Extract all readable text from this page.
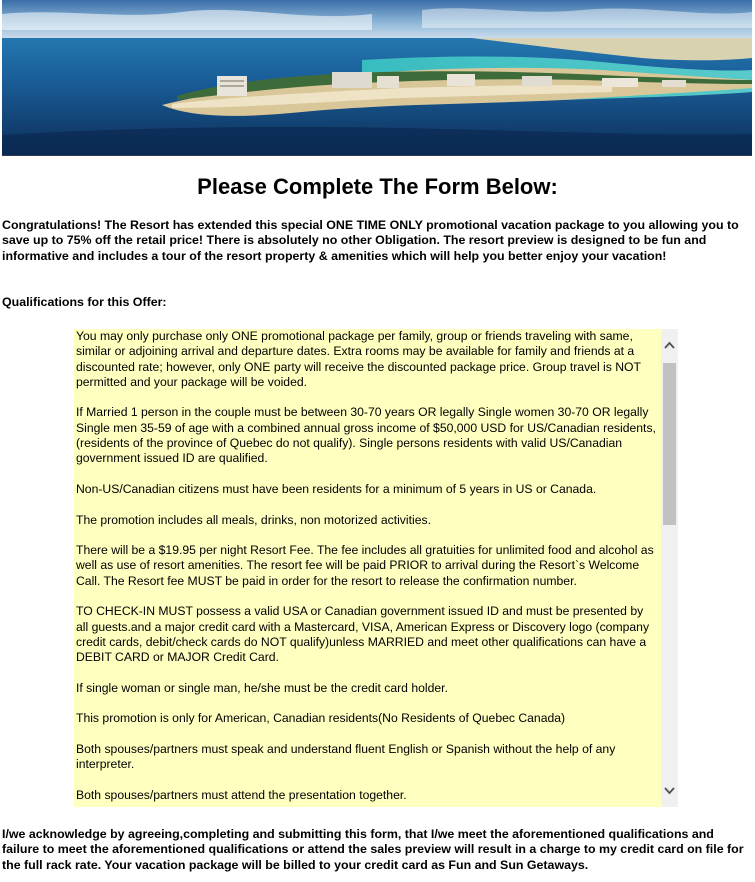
Please Complete The Form Below:

Congratulations! The Resort has extended this special ONE TIME ONLY promotional vacation package to you allowing you to save up to 75% off the retail price! There is absolutely no other Obligation. The resort preview is designed to be fun and informative and includes a tour of the resort property & amenities which will help you better enjoy your vacation!

Qualifications for this Offer:

You may only purchase only ONE promotional package per family, group or friends traveling with same, similar or adjoining arrival and departure dates. Extra rooms may be available for family and friends at a discounted rate; however, only ONE party will receive the discounted package price. Group travel is NOT permitted and your package will be voided.

If Married 1 person in the couple must be between 30-70 years OR legally Single women 30-70 OR legally Single men 35-59 of age with a combined annual gross income of $50,000 USD for US/Canadian residents, (residents of the province of Quebec do not qualify). Single persons residents with valid US/Canadian government issued ID are qualified.

Non-US/Canadian citizens must have been residents for a minimum of 5 years in US or Canada.

The promotion includes all meals, drinks, non motorized activities.

There will be a $19.95 per night Resort Fee. The fee includes all gratuities for unlimited food and alcohol as well as use of resort amenities. The resort fee will be paid PRIOR to arrival during the Resort`s Welcome Call. The Resort fee MUST be paid in order for the resort to release the confirmation number.

TO CHECK-IN MUST possess a valid USA or Canadian government issued ID and must be presented by all guests.and a major credit card with a Mastercard, VISA, American Express or Discovery logo (company credit cards, debit/check cards do NOT qualify)unless MARRIED and meet other qualifications can have a DEBIT CARD or MAJOR Credit Card.

If single woman or single man, he/she must be the credit card holder.

This promotion is only for American, Canadian residents(No Residents of Quebec Canada)

Both spouses/partners must speak and understand fluent English or Spanish without the help of any interpreter.

Both spouses/partners must attend the presentation together.

I/we acknowledge by agreeing,completing and submitting this form, that I/we meet the aforementioned qualifications and failure to meet the aforementioned qualifications or attend the sales preview will result in a charge to my credit card on file for the full rack rate. Your vacation package will be billed to your credit card as Fun and Sun Getaways.
